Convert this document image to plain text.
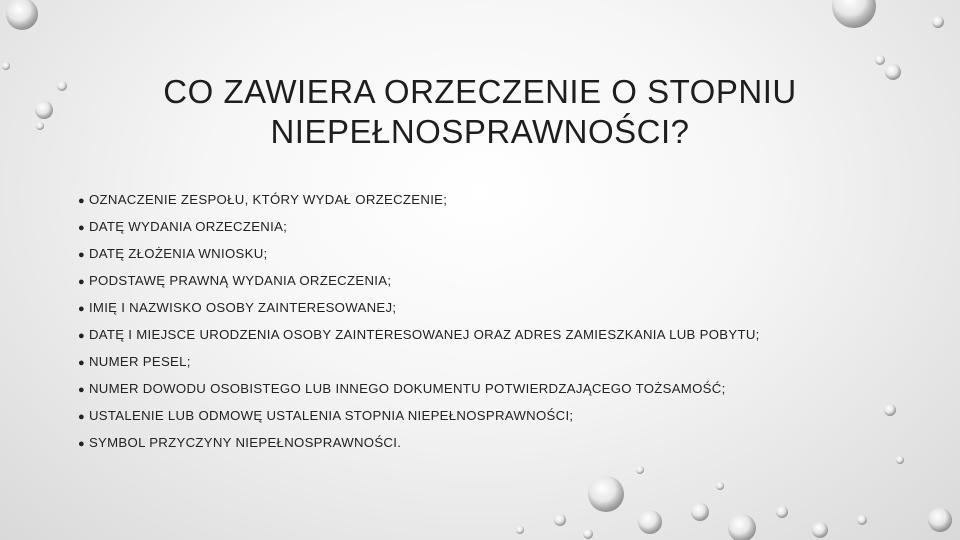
CO ZAWIERA ORZECZENIE O STOPNIU
NIEPEŁNOSPRAWNOŚCI?
● OZNACZENIE ZESPOŁU, KTÓRY WYDAŁ ORZECZENIE;
● DATĘ WYDANIA ORZECZENIA;
● DATĘ ZŁOŻENIA WNIOSKU;
● PODSTAWĘ PRAWNĄ WYDANIA ORZECZENIA;
● IMIĘ I NAZWISKO OSOBY ZAINTERESOWANEJ;
● DATĘ I MIEJSCE URODZENIA OSOBY ZAINTERESOWANEJ ORAZ ADRES ZAMIESZKANIA LUB POBYTU;
● NUMER PESEL;
● NUMER DOWODU OSOBISTEGO LUB INNEGO DOKUMENTU POTWIERDZAJĄCEGO TOŻSAMOŚĆ;
● USTALENIE LUB ODMOWĘ USTALENIA STOPNIA NIEPEŁNOSPRAWNOŚCI;
● SYMBOL PRZYCZYNY NIEPEŁNOSPRAWNOŚCI.
